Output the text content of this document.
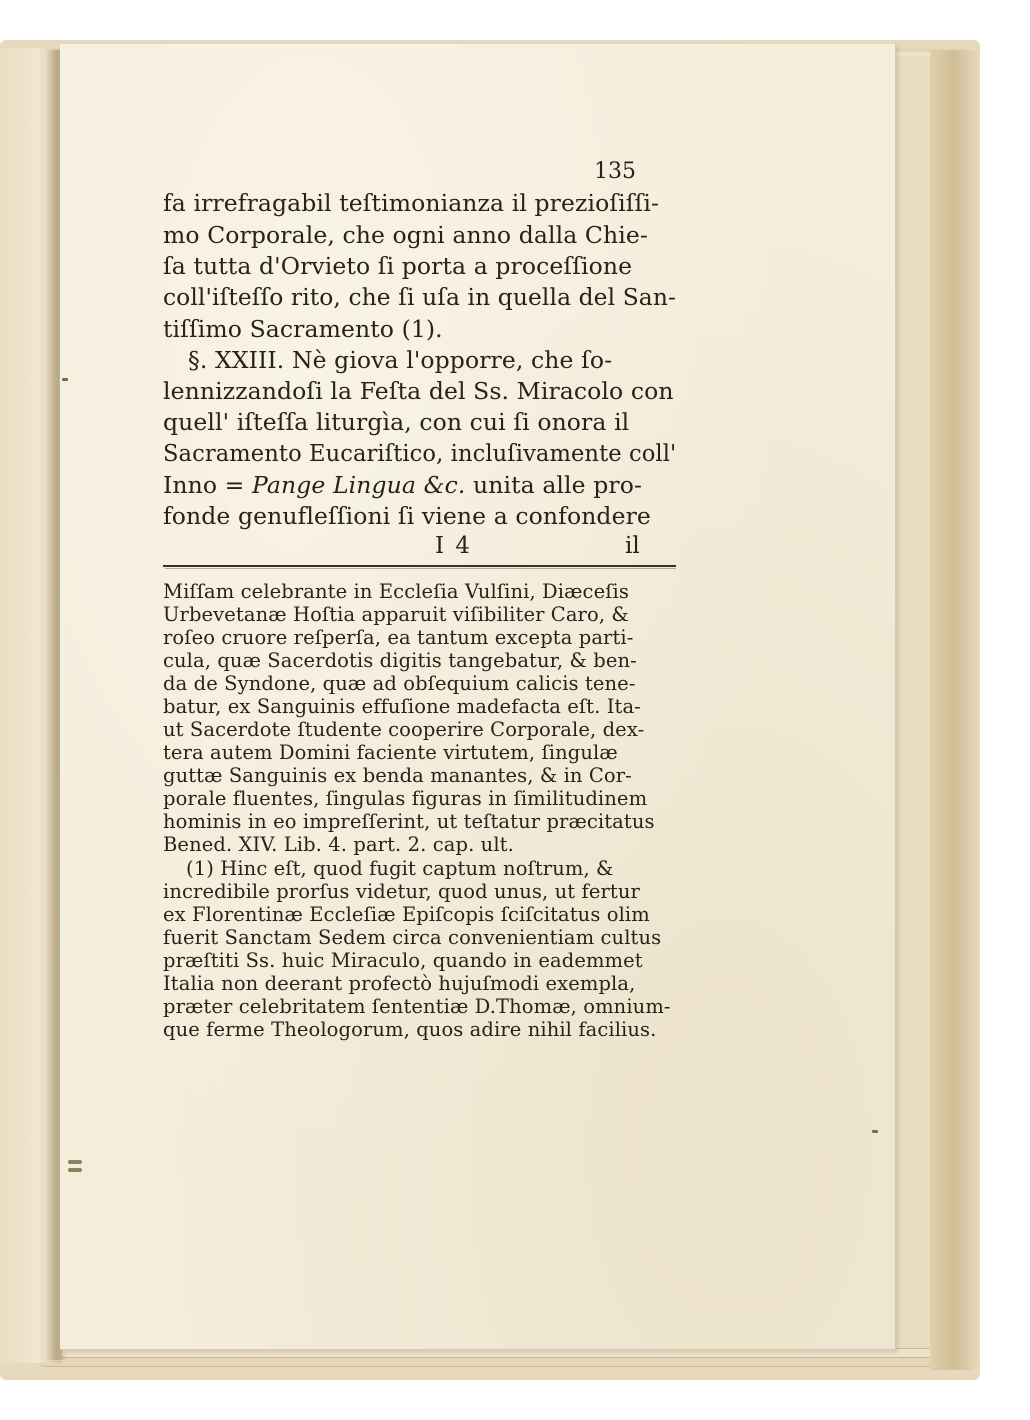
135

fa irrefragabil teſtimonianza il prezioſiſſi-

mo Corporale, che ogni anno dalla Chie-

ſa tutta d'Orvieto ſi porta a proceſſione

coll'iſteſſo rito, che ſi uſa in quella del San-

tiſſimo Sacramento (1).

§. XXIII. Nè giova l'opporre, che ſo-

lennizzandoſi la Feſta del Ss. Miracolo con

quell' iſteſſa liturgìa, con cui ſi onora il

Sacramento Eucariſtico, incluſivamente coll'

Inno = Pange Lingua &c. unita alle pro-

fonde genufleſſioni ſi viene a confondere

I 4	il

Miſſam celebrante in Eccleſia Vulſini, Diæceſis

Urbevetanæ Hoſtia apparuit viſibiliter Caro, &

roſeo cruore reſperſa, ea tantum excepta parti-

cula, quæ Sacerdotis digitis tangebatur, & ben-

da de Syndone, quæ ad obſequium calicis tene-

batur, ex Sanguinis effuſione madefacta eſt. Ita-

ut Sacerdote ſtudente cooperire Corporale, dex-

tera autem Domini faciente virtutem, ſingulæ

guttæ Sanguinis ex benda manantes, & in Cor-

porale fluentes, ſingulas figuras in ſimilitudinem

hominis in eo impreſſerint, ut teſtatur præcitatus

Bened. XIV. Lib. 4. part. 2. cap. ult.

(1) Hinc eſt, quod fugit captum noſtrum, &

incredibile prorſus videtur, quod unus, ut fertur

ex Florentinæ Eccleſiæ Epiſcopis ſciſcitatus olim

fuerit Sanctam Sedem circa convenientiam cultus

præſtiti Ss. huic Miraculo, quando in eademmet

Italia non deerant profectò hujuſmodi exempla,

præter celebritatem ſententiæ D.Thomæ, omnium-

que ferme Theologorum, quos adire nihil facilius.
